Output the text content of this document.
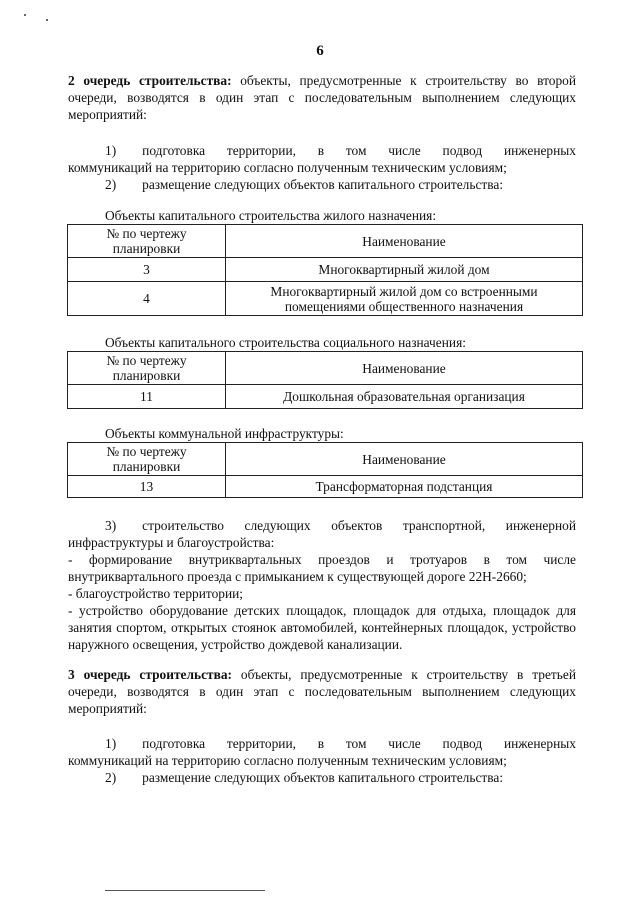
6
2 очередь строительства: объекты, предусмотренные к строительству во второй очереди, возводятся в один этап с последовательным выполнением следующих мероприятий:
1) подготовка территории, в том числе подвод инженерных
коммуникаций на территорию согласно полученным техническим условиям;
2) размещение следующих объектов капитального строительства:
Объекты капитального строительства жилого назначения:
№ по чертежу планировки	Наименование
3	Многоквартирный жилой дом
4	Многоквартирный жилой дом со встроенными помещениями общественного назначения
Объекты капитального строительства социального назначения:
№ по чертежу планировки	Наименование
11	Дошкольная образовательная организация
Объекты коммунальной инфраструктуры:
№ по чертежу планировки	Наименование
13	Трансформаторная подстанция
3) строительство следующих объектов транспортной, инженерной
инфраструктуры и благоустройства:
- формирование внутриквартальных проездов и тротуаров в том числе внутриквартального проезда с примыканием к существующей дороге 22Н-2660;
- благоустройство территории;
- устройство оборудование детских площадок, площадок для отдыха, площадок для занятия спортом, открытых стоянок автомобилей, контейнерных площадок, устройство наружного освещения, устройство дождевой канализации.
3 очередь строительства: объекты, предусмотренные к строительству в третьей очереди, возводятся в один этап с последовательным выполнением следующих мероприятий:
1) подготовка территории, в том числе подвод инженерных
коммуникаций на территорию согласно полученным техническим условиям;
2) размещение следующих объектов капитального строительства:
